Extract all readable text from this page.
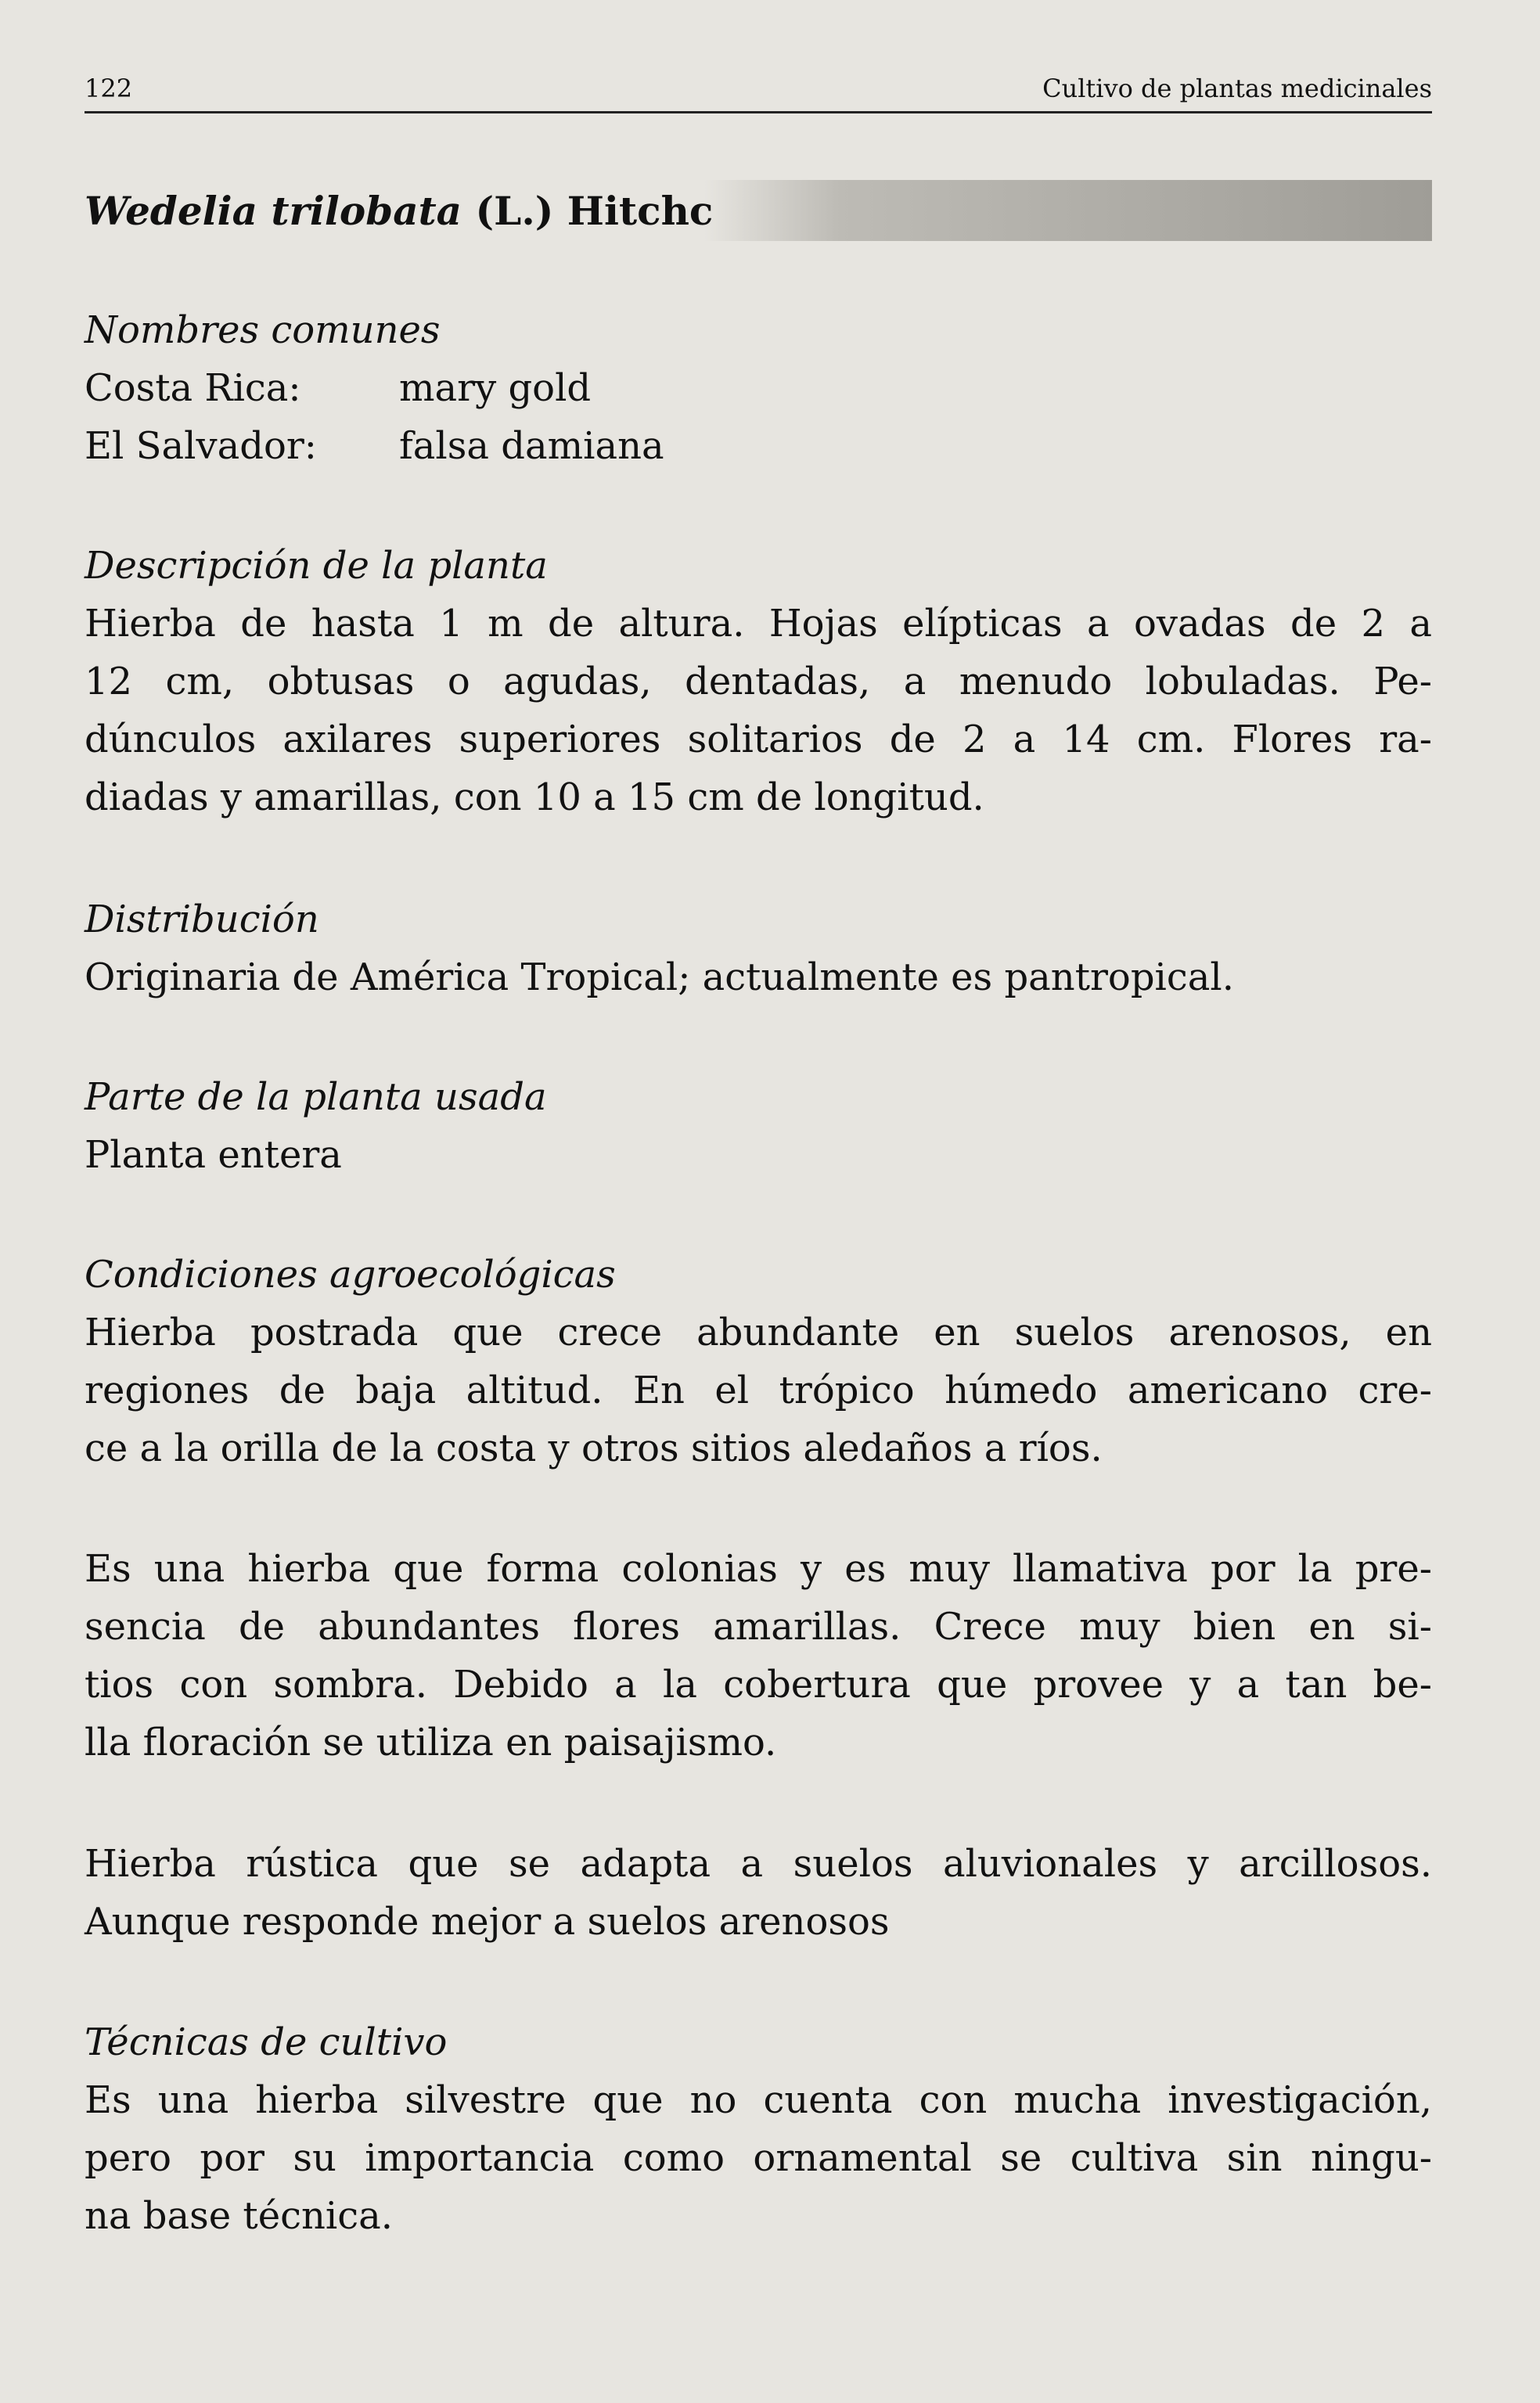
122	Cultivo de plantas medicinales
Wedelia trilobata (L.) Hitchc

Nombres comunes

Costa Rica:	mary gold
El Salvador: falsa damiana

Descripción de la planta

Hierba de hasta 1 m de altura. Hojas elípticas a ovadas de 2 a

12 cm, obtusas o agudas, dentadas, a menudo lobuladas. Pe-

dúnculos axilares superiores solitarios de 2 a 14 cm. Flores ra-

diadas y amarillas, con 10 a 15 cm de longitud.

Distribución

Originaria de América Tropical; actualmente es pantropical.

Parte de la planta usada

Planta entera

Condiciones agroecológicas

Hierba postrada que crece abundante en suelos arenosos, en

regiones de baja altitud. En el trópico húmedo americano cre-

ce a la orilla de la costa y otros sitios aledaños a ríos.

Es una hierba que forma colonias y es muy llamativa por la pre-

sencia de abundantes flores amarillas. Crece muy bien en si-

tios con sombra. Debido a la cobertura que provee y a tan be-

lla floración se utiliza en paisajismo.

Hierba rústica que se adapta a suelos aluvionales y arcillosos.

Aunque responde mejor a suelos arenosos

Técnicas de cultivo

Es una hierba silvestre que no cuenta con mucha investigación,

pero por su importancia como ornamental se cultiva sin ningu-

na base técnica.
